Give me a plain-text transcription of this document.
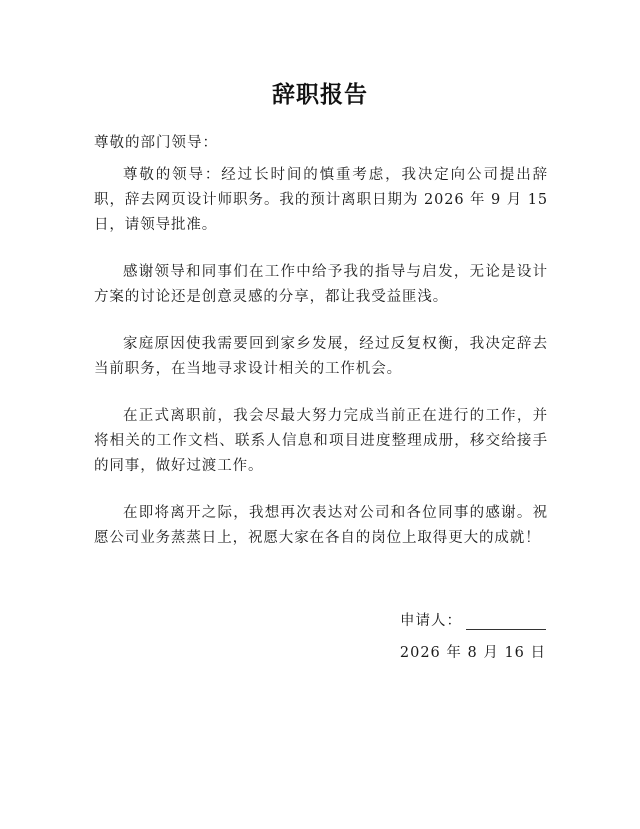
辞职报告
尊敬的部门领导：

尊敬的领导：经过长时间的慎重考虑，我决定向公司提出辞职，辞去网页设计师职务。我的预计离职日期为 2026 年 9 月 15 日，请领导批准。

感谢领导和同事们在工作中给予我的指导与启发，无论是设计方案的讨论还是创意灵感的分享，都让我受益匪浅。

家庭原因使我需要回到家乡发展，经过反复权衡，我决定辞去当前职务，在当地寻求设计相关的工作机会。

在正式离职前，我会尽最大努力完成当前正在进行的工作，并将相关的工作文档、联系人信息和项目进度整理成册，移交给接手的同事，做好过渡工作。

在即将离开之际，我想再次表达对公司和各位同事的感谢。祝愿公司业务蒸蒸日上，祝愿大家在各自的岗位上取得更大的成就！

申请人：
2026 年 8 月 16 日
